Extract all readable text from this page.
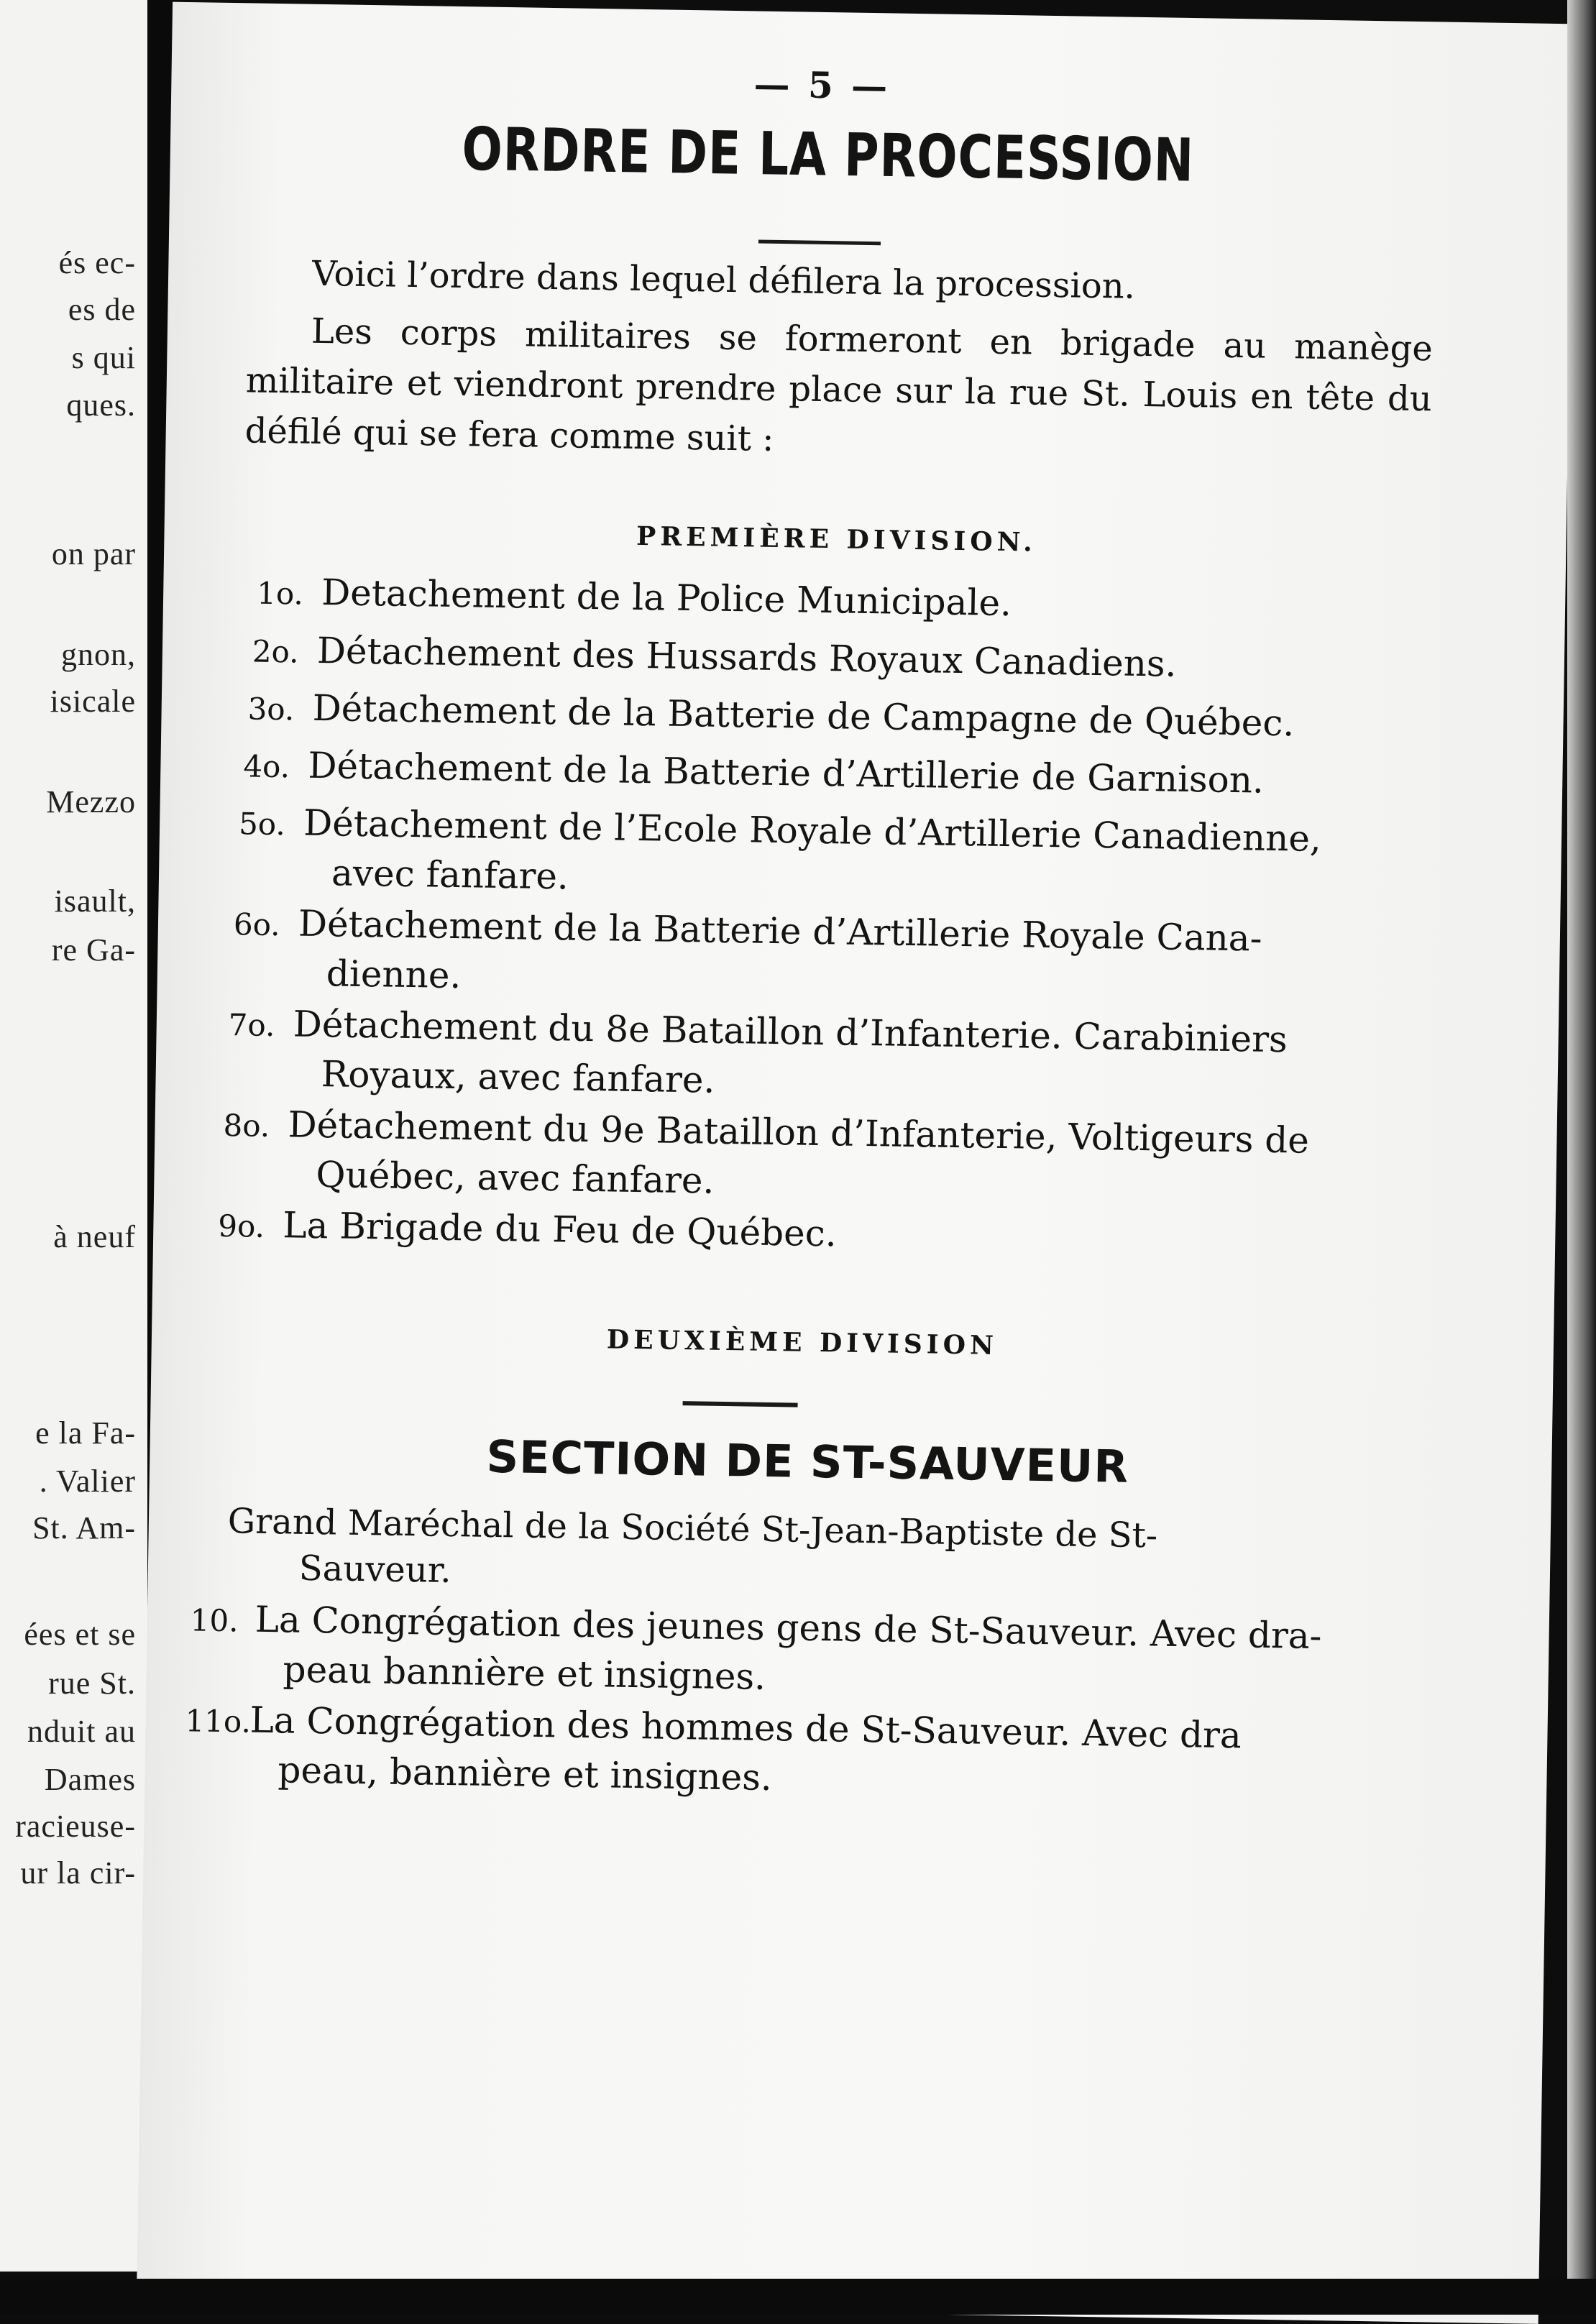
és ec-
es de
s qui
ques.
on par
gnon,
isicale
Mezzo
isault,
re Ga-
à neuf
e la Fa-
. Valier
St. Am-
ées et se
rue St.
nduit au
Dames
racieuse-
ur la cir-
— 5 —
ORDRE DE LA PROCESSION
Voici l’ordre dans lequel défilera la procession.
Les corps militaires se formeront en brigade au manège militaire et viendront prendre place sur la rue St. Louis en tête du défilé qui se fera comme suit :
PREMIÈRE DIVISION.
1o. Detachement de la Police Municipale.
2o. Détachement des Hussards Royaux Canadiens.
3o. Détachement de la Batterie de Campagne de Québec.
4o. Détachement de la Batterie d’Artillerie de Garnison.
5o. Détachement de l’Ecole Royale d’Artillerie Canadienne,
avec fanfare.
6o. Détachement de la Batterie d’Artillerie Royale Cana-
dienne.
7o. Détachement du 8e Bataillon d’Infanterie. Carabiniers
Royaux, avec fanfare.
8o. Détachement du 9e Bataillon d’Infanterie, Voltigeurs de
Québec, avec fanfare.
9o. La Brigade du Feu de Québec.
DEUXIÈME DIVISION
SECTION DE ST-SAUVEUR
Grand Maréchal de la Société St-Jean-Baptiste de St-
Sauveur.
10. La Congrégation des jeunes gens de St-Sauveur. Avec dra-
peau bannière et insignes.
11o.La Congrégation des hommes de St-Sauveur. Avec dra
peau, bannière et insignes.
